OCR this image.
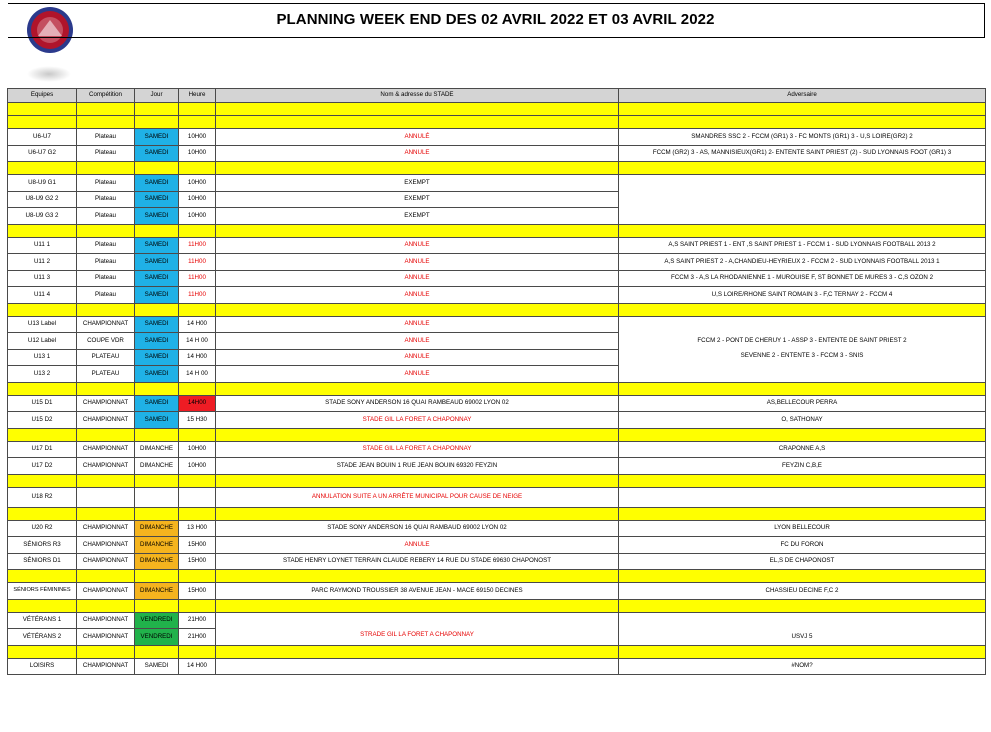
PLANNING WEEK END DES 02 AVRIL 2022 ET 03 AVRIL 2022
Equipes	Compétition	Jour	Heure	Nom & adresse du STADE	Adversaire

U6-U7	Plateau	SAMEDI	10H00	ANNULÉ	SMANDRES SSC 2 - FCCM (GR1) 3 - FC MONTS (GR1) 3 - U,S LOIRE(GR2) 2
U6-U7 G2	Plateau	SAMEDI	10H00	ANNULE	FCCM (GR2) 3 - AS, MANNISIEUX(GR1) 2- ENTENTE SAINT PRIEST (2) - SUD LYONNAIS FOOT (GR1) 3

U8-U9 G1	Plateau	SAMEDI	10H00	EXEMPT	
U8-U9 G2 2	Plateau	SAMEDI	10H00	EXEMPT	
U8-U9 G3 2	Plateau	SAMEDI	10H00	EXEMPT	

U11 1	Plateau	SAMEDI	11H00	ANNULE	A,S SAINT PRIEST 1 - ENT ,S SAINT PRIEST 1 - FCCM 1 - SUD LYONNAIS FOOTBALL 2013 2
U11 2	Plateau	SAMEDI	11H00	ANNULE	A,S SAINT PRIEST 2 - A,CHANDIEU-HEYRIEUX 2 - FCCM 2 - SUD LYONNAIS FOOTBALL 2013 1
U11 3	Plateau	SAMEDI	11H00	ANNULE	FCCM 3 - A,S LA RHODANIENNE 1 - MUROUISE F, ST BONNET DE MURES 3 - C,S OZON 2
U11 4	Plateau	SAMEDI	11H00	ANNULE	U,S LOIRE/RHONE SAINT ROMAIN 3 - F,C TERNAY 2 - FCCM 4

U13 Label	CHAMPIONNAT	SAMEDI	14 H00	ANNULE	FCCM 2 - PONT DE CHERUY 1 - ASSP 3 - ENTENTE DE SAINT PRIEST 2
SEVENNE 2 - ENTENTE 3 - FCCM 3 - SNIS
U12 Label	COUPE VDR	SAMEDI	14 H 00	ANNULE	
U13 1	PLATEAU	SAMEDI	14 H00	ANNULE	
U13 2	PLATEAU	SAMEDI	14 H 00	ANNULE	

U15 D1	CHAMPIONNAT	SAMEDI	14H00	STADE SONY ANDERSON 16 QUAI RAMBEAUD 69002 LYON 02	AS,BELLECOUR PERRA
U15 D2	CHAMPIONNAT	SAMEDI	15 H30	STADE GIL LA FORET A CHAPONNAY	O, SATHONAY

U17 D1	CHAMPIONNAT	DIMANCHE	10H00	STADE GIL LA FORET A CHAPONNAY	CRAPONNE A,S
U17 D2	CHAMPIONNAT	DIMANCHE	10H00	STADE JEAN BOUIN 1 RUE JEAN BOUIN 69320 FEYZIN	FEYZIN C,B,E

U18 R2				ANNULATION SUITE A UN ARRÊTE MUNICIPAL POUR CAUSE DE NEIGE	

U20 R2	CHAMPIONNAT	DIMANCHE	13 H00	STADE SONY ANDERSON 16 QUAI RAMBAUD 69002 LYON 02	LYON BELLECOUR
SÉNIORS R3	CHAMPIONNAT	DIMANCHE	15H00	ANNULE	FC DU FORON
SÉNIORS D1	CHAMPIONNAT	DIMANCHE	15H00	STADE HENRY LOYNET TERRAIN CLAUDE REBERY 14 RUE DU STADE 69630 CHAPONOST	EL,S DE CHAPONOST

SÉNIORS FÉMININES	CHAMPIONNAT	DIMANCHE	15H00	PARC RAYMOND TROUSSIER 38 AVENUE JEAN - MACE 69150 DECINES	CHASSIEU DECINE F,C 2

VÉTÉRANS 1	CHAMPIONNAT	VENDREDI	21H00	STRADE GIL LA FORET A CHAPONNAY	USVJ 5
VÉTÉRANS 2	CHAMPIONNAT	VENDREDI	21H00		

LOISIRS	CHAMPIONNAT	SAMEDI	14 H00		#NOM?
